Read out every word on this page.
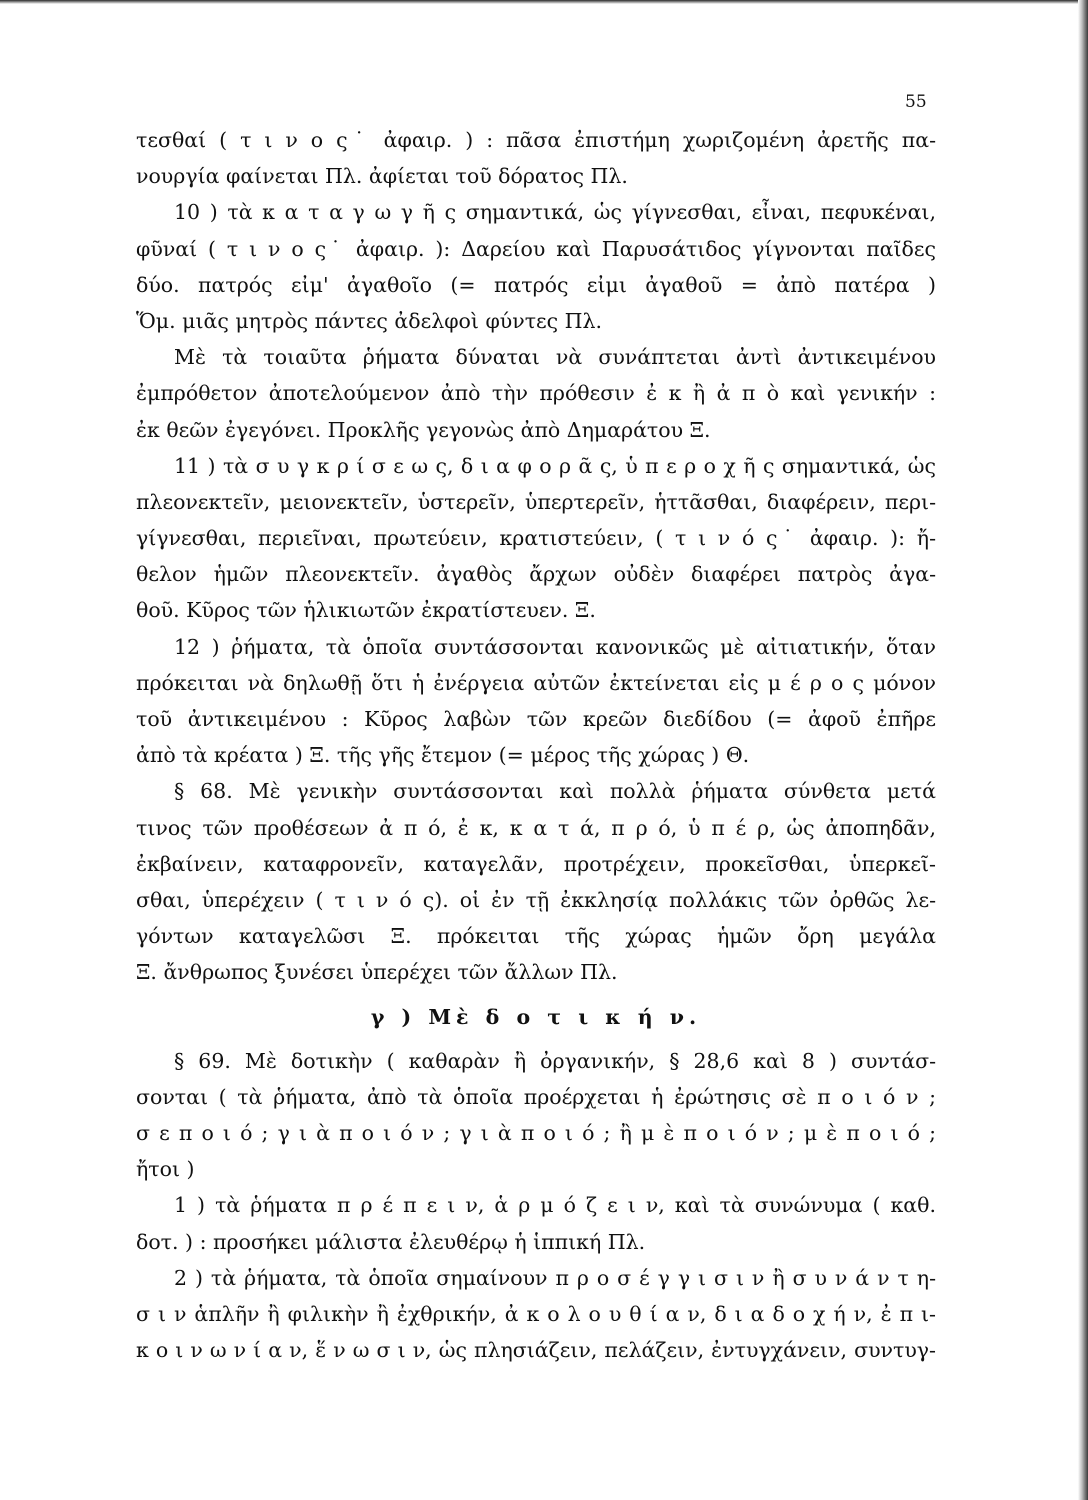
55
τεσθαί ( τ ι ν ο ς˙ ἀφαιρ. ) : πᾶσα ἐπιστήμη χωριζομένη ἀρετῆς πα-
νουργία φαίνεται Πλ. ἀφίεται τοῦ δόρατος Πλ.
10 ) τὰ κ α τ α γ ω γ ῆ ς σημαντικά, ὡς γίγνεσθαι, εἶναι, πεφυκέναι,
φῦναί ( τ ι ν ο ς˙ ἀφαιρ. ): Δαρείου καὶ Παρυσάτιδος γίγνονται παῖδες
δύο. πατρός εἰμ' ἀγαθοῖο (= πατρός εἰμι ἀγαθοῦ = ἀπὸ πατέρα )
Ὅμ. μιᾶς μητρὸς πάντες ἀδελφοὶ φύντες Πλ.
Μὲ τὰ τοιαῦτα ῥήματα δύναται νὰ συνάπτεται ἀντὶ ἀντικειμένου
ἐμπρόθετον ἀποτελούμενον ἀπὸ τὴν πρόθεσιν ἐ κ ἢ ἀ π ὸ καὶ γενικήν :
ἐκ θεῶν ἐγεγόνει. Προκλῆς γεγονὼς ἀπὸ Δημαράτου Ξ.
11 ) τὰ σ υ γ κ ρ ί σ ε ω ς, δ ι α φ ο ρ ᾶ ς, ὑ π ε ρ ο χ ῆ ς σημαντικά, ὡς
πλεονεκτεῖν, μειονεκτεῖν, ὑστερεῖν, ὑπερτερεῖν, ἡττᾶσθαι, διαφέρειν, περι-
γίγνεσθαι, περιεῖναι, πρωτεύειν, κρατιστεύειν, ( τ ι ν ό ς˙ ἀφαιρ. ): ἤ-
θελον ἡμῶν πλεονεκτεῖν. ἀγαθὸς ἄρχων οὐδὲν διαφέρει πατρὸς ἀγα-
θοῦ. Κῦρος τῶν ἡλικιωτῶν ἐκρατίστευεν. Ξ.
12 ) ῥήματα, τὰ ὁποῖα συντάσσονται κανονικῶς μὲ αἰτιατικήν, ὅταν
πρόκειται νὰ δηλωθῇ ὅτι ἡ ἐνέργεια αὐτῶν ἐκτείνεται εἰς μ έ ρ ο ς μόνον
τοῦ ἀντικειμένου : Κῦρος λαβὼν τῶν κρεῶν διεδίδου (= ἀφοῦ ἐπῆρε
ἀπὸ τὰ κρέατα ) Ξ. τῆς γῆς ἔτεμον (= μέρος τῆς χώρας ) Θ.
§ 68. Μὲ γενικὴν συντάσσονται καὶ πολλὰ ῥήματα σύνθετα μετά
τινος τῶν προθέσεων ἀ π ό, ἐ κ, κ α τ ά, π ρ ό, ὑ π έ ρ, ὡς ἀποπηδᾶν,
ἐκβαίνειν, καταφρονεῖν, καταγελᾶν, προτρέχειν, προκεῖσθαι, ὑπερκεῖ-
σθαι, ὑπερέχειν ( τ ι ν ό ς). οἱ ἐν τῇ ἐκκλησίᾳ πολλάκις τῶν ὀρθῶς λε-
γόντων καταγελῶσι Ξ. πρόκειται τῆς χώρας ἡμῶν ὄρη μεγάλα
Ξ. ἄνθρωπος ξυνέσει ὑπερέχει τῶν ἄλλων Πλ.
γ ) Μὲ δ ο τ ι κ ή ν.
§ 69. Μὲ δοτικὴν ( καθαρὰν ἢ ὀργανικήν, § 28,6 καὶ 8 ) συντάσ-
σονται ( τὰ ῥήματα, ἀπὸ τὰ ὁποῖα προέρχεται ἡ ἐρώτησις σὲ π ο ι ό ν ;
σ ε π ο ι ό ; γ ι ὰ π ο ι ό ν ; γ ι ὰ π ο ι ό ; ἢ μ ὲ π ο ι ό ν ; μ ὲ π ο ι ό ;
ἤτοι )
1 ) τὰ ῥήματα π ρ έ π ε ι ν, ἁ ρ μ ό ζ ε ι ν, καὶ τὰ συνώνυμα ( καθ.
δοτ. ) : προσήκει μάλιστα ἐλευθέρῳ ἡ ἱππική Πλ.
2 ) τὰ ῥήματα, τὰ ὁποῖα σημαίνουν π ρ ο σ έ γ γ ι σ ι ν ἢ σ υ ν ά ν τ η-
σ ι ν ἁπλῆν ἢ φιλικὴν ἢ ἐχθρικήν, ἀ κ ο λ ο υ θ ί α ν, δ ι α δ ο χ ή ν, ἐ π ι-
κ ο ι ν ω ν ί α ν, ἕ ν ω σ ι ν, ὡς πλησιάζειν, πελάζειν, ἐντυγχάνειν, συντυγ-
